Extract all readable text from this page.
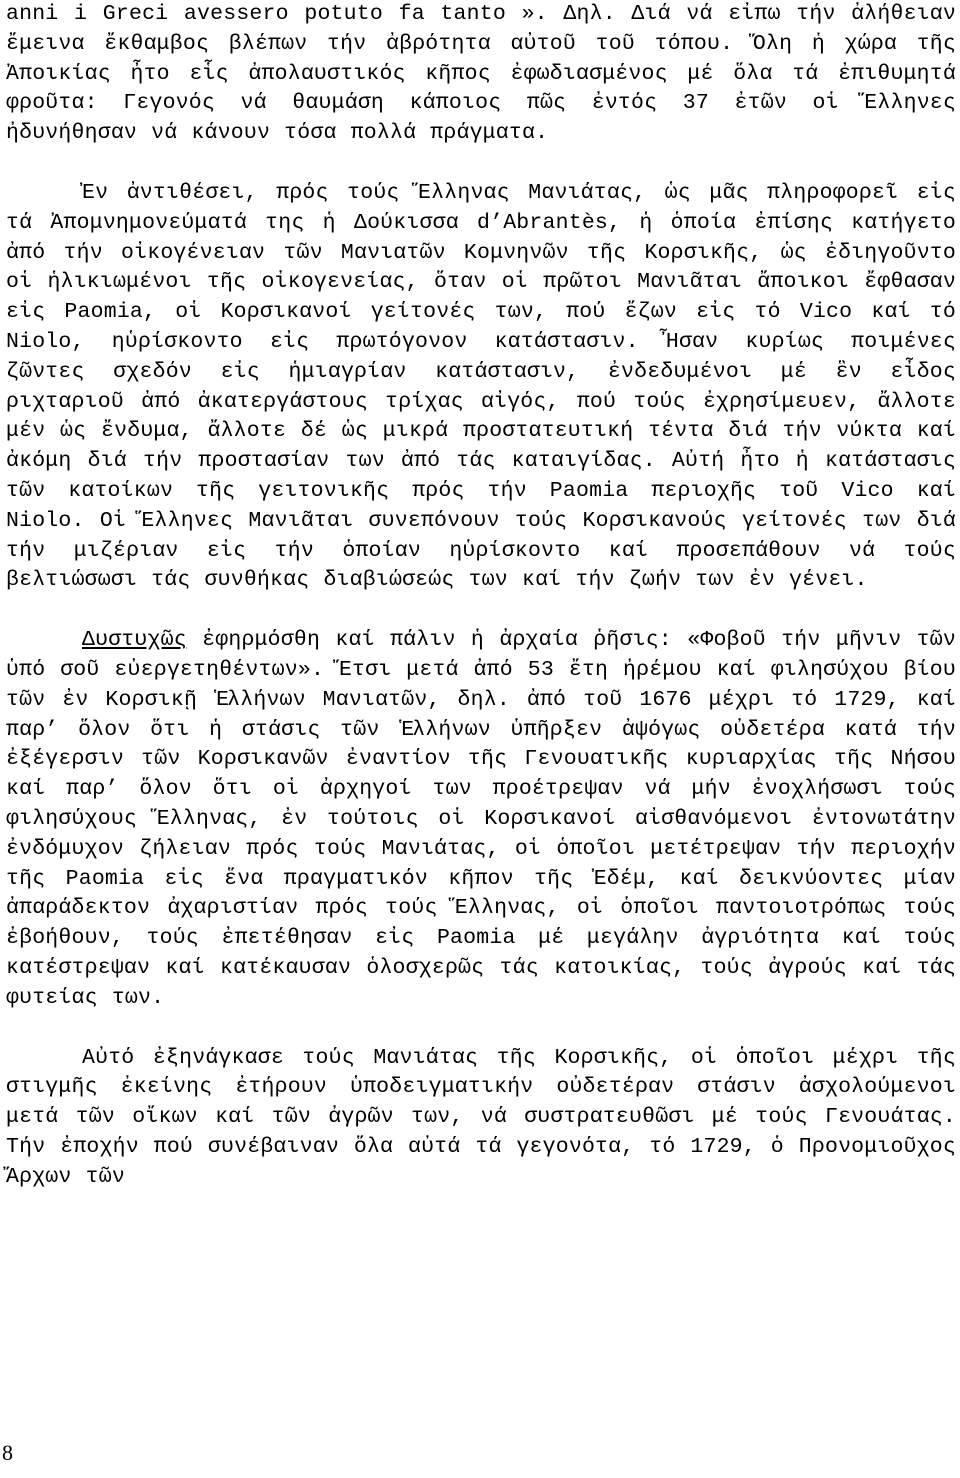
anni i Greci avessero potuto fa tanto ». Δηλ. Διά νά εἰπω τήν ἀλήθειαν ἔμεινα ἔκθαμβος βλέπων τήν ἀβρότητα αὐτοῦ τοῦ τόπου. Ὅλη ἡ χώρα τῆς Ἀποικίας ἦτο εἷς ἀπολαυστικός κῆπος ἐφωδιασμένος μέ ὅλα τά ἐπιθυμητά φροῦτα: Γεγονός νά θαυμάση κάποιος πῶς ἐντός 37 ἐτῶν οἱ Ἕλληνες ἠδυνήθησαν νά κάνουν τόσα πολλά πράγματα.

Ἐν ἀντιθέσει, πρός τούς Ἕλληνας Μανιάτας, ὡς μᾶς πληροφορεῖ εἰς τά Ἀπομνημονεύματά της ἡ Δούκισσα d’Abrantès, ἡ ὁποία ἐπίσης κατήγετο ἀπό τήν οἰκογένειαν τῶν Μανιατῶν Κομνηνῶν τῆς Κορσικῆς, ὡς ἐδιηγοῦντο οἱ ἡλικιωμένοι τῆς οἰκογενείας, ὅταν οἱ πρῶτοι Μανιᾶται ἄποικοι ἔφθασαν εἰς Paomia, οἱ Κορσικανοί γείτονές των, πού ἔζων εἰς τό Vico καί τό Niolo, ηὑρίσκοντο εἰς πρωτόγονον κατάστασιν. Ἦσαν κυρίως ποιμένες ζῶντες σχεδόν εἰς ἡμιαγρίαν κατάστασιν, ἐνδεδυμένοι μέ ἓν εἶδος ριχταριοῦ ἀπό ἀκατεργάστους τρίχας αἰγός, πού τούς ἐχρησίμευεν, ἄλλοτε μέν ὡς ἔνδυμα, ἄλλοτε δέ ὡς μικρά προστατευτική τέντα διά τήν νύκτα καί ἀκόμη διά τήν προστασίαν των ἀπό τάς καταιγίδας. Αὐτή ἦτο ἡ κατάστασις τῶν κατοίκων τῆς γειτονικῆς πρός τήν Paomia περιοχῆς τοῦ Vico καί Niolo. Οἱ Ἕλληνες Μανιᾶται συνεπόνουν τούς Κορσικανούς γείτονές των διά τήν μιζέριαν εἰς τήν ὁποίαν ηὑρίσκοντο καί προσεπάθουν νά τούς βελτιώσωσι τάς συνθήκας διαβιώσεώς των καί τήν ζωήν των ἐν γένει.

Δυστυχῶς ἐφηρμόσθη καί πάλιν ἡ ἀρχαία ῥῆσις: «Φοβοῦ τήν μῆνιν τῶν ὑπό σοῦ εὐεργετηθέντων». Ἔτσι μετά ἀπό 53 ἔτη ἠρέμου καί φιλησύχου βίου τῶν ἐν Κορσικῇ Ἑλλήνων Μανιατῶν, δηλ. ἀπό τοῦ 1676 μέχρι τό 1729, καί παρ’ ὅλον ὅτι ἡ στάσις τῶν Ἑλλήνων ὑπῆρξεν ἀψόγως οὐδετέρα κατά τήν ἐξέγερσιν τῶν Κορσικανῶν ἐναντίον τῆς Γενουατικῆς κυριαρχίας τῆς Νήσου καί παρ’ ὅλον ὅτι οἱ ἀρχηγοί των προέτρεψαν νά μήν ἐνοχλήσωσι τούς φιλησύχους Ἕλληνας, ἐν τούτοις οἱ Κορσικανοί αἰσθανόμενοι ἐντονωτάτην ἐνδόμυχον ζήλειαν πρός τούς Μανιάτας, οἱ ὁποῖοι μετέτρεψαν τήν περιοχήν τῆς Paomia εἰς ἕνα πραγματικόν κῆπον τῆς Ἐδέμ, καί δεικνύοντες μίαν ἀπαράδεκτον ἀχαριστίαν πρός τούς Ἕλληνας, οἱ ὁποῖοι παντοιοτρόπως τούς ἐβοήθουν, τούς ἐπετέθησαν εἰς Paomia μέ μεγάλην ἀγριότητα καί τούς κατέστρεψαν καί κατέκαυσαν ὁλοσχερῶς τάς κατοικίας, τούς ἀγρούς καί τάς φυτείας των.

Αὐτό ἐξηνάγκασε τούς Μανιάτας τῆς Κορσικῆς, οἱ ὁποῖοι μέχρι τῆς στιγμῆς ἐκείνης ἐτήρουν ὑποδειγματικήν οὐδετέραν στάσιν ἀσχολούμενοι μετά τῶν οἴκων καί τῶν ἀγρῶν των, νά συστρατευθῶσι μέ τούς Γενουάτας. Τήν ἐποχήν πού συνέβαιναν ὅλα αὐτά τά γεγονότα, τό 1729, ὁ Προνομιοῦχος Ἄρχων τῶν

8
